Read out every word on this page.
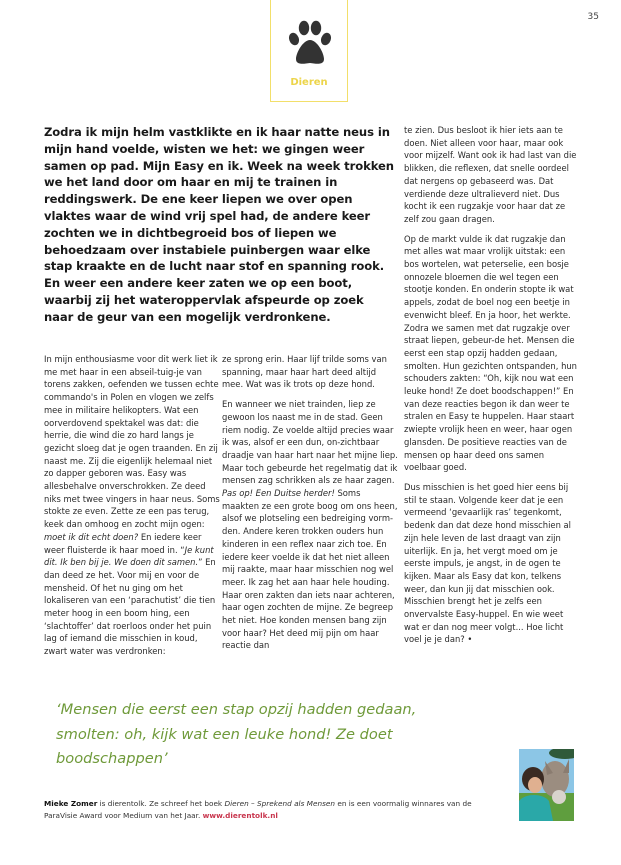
35
Dieren
Zodra ik mijn helm vastklikte en ik haar natte neus in mijn hand voelde, wisten we het: we gingen weer samen op pad. Mijn Easy en ik. Week na week trokken we het land door om haar en mij te trainen in reddingswerk. De ene keer liepen we over open vlaktes waar de wind vrij spel had, de andere keer zochten we in dichtbegroeid bos of liepen we behoedzaam over instabiele puinbergen waar elke stap kraakte en de lucht naar stof en spanning rook. En weer een andere keer zaten we op een boot, waarbij zij het wateroppervlak afspeurde op zoek naar de geur van een mogelijk verdronkene.

In mijn enthousiasme voor dit werk liet ik me met haar in een abseil-tuig-je van torens zakken, oefenden we tussen echte commando's in Polen en vlogen we zelfs mee in militaire helikopters. Wat een oorverdovend spektakel was dat: die herrie, die wind die zo hard langs je gezicht sloeg dat je ogen traanden. En zij naast me. Zij die eigenlijk helemaal niet zo dapper geboren was. Easy was allesbehalve onverschrokken. Ze deed niks met twee vingers in haar neus. Soms stokte ze even. Zette ze een pas terug, keek dan omhoog en zocht mijn ogen: moet ik dit echt doen? En iedere keer weer fluisterde ik haar moed in. “Je kunt dit. Ik ben bij je. We doen dit samen.” En dan deed ze het. Voor mij en voor de mensheid. Of het nu ging om het lokaliseren van een ‘parachutist’ die tien meter hoog in een boom hing, een ‘slachtoffer’ dat roerloos onder het puin lag of iemand die misschien in koud, zwart water was verdronken:

ze sprong erin. Haar lijf trilde soms van spanning, maar haar hart deed altijd mee. Wat was ik trots op deze hond.

En wanneer we niet trainden, liep ze gewoon los naast me in de stad. Geen riem nodig. Ze voelde altijd precies waar ik was, alsof er een dun, on-zichtbaar draadje van haar hart naar het mijne liep. Maar toch gebeurde het regelmatig dat ik mensen zag schrikken als ze haar zagen. Pas op! Een Duitse herder! Soms maakten ze een grote boog om ons heen, alsof we plotseling een bedreiging vorm-den. Andere keren trokken ouders hun kinderen in een reflex naar zich toe. En iedere keer voelde ik dat het niet alleen mij raakte, maar haar misschien nog wel meer. Ik zag het aan haar hele houding. Haar oren zakten dan iets naar achteren, haar ogen zochten de mijne. Ze begreep het niet. Hoe konden mensen bang zijn voor haar? Het deed mij pijn om haar reactie dan

te zien. Dus besloot ik hier iets aan te doen. Niet alleen voor haar, maar ook voor mijzelf. Want ook ik had last van die blikken, die reflexen, dat snelle oordeel dat nergens op gebaseerd was. Dat verdiende deze ultralieverd niet. Dus kocht ik een rugzakje voor haar dat ze zelf zou gaan dragen.

Op de markt vulde ik dat rugzakje dan met alles wat maar vrolijk uitstak: een bos wortelen, wat peterselie, een bosje onnozele bloemen die wel tegen een stootje konden. En onderin stopte ik wat appels, zodat de boel nog een beetje in evenwicht bleef. En ja hoor, het werkte. Zodra we samen met dat rugzakje over straat liepen, gebeur-de het. Mensen die eerst een stap opzij hadden gedaan, smolten. Hun gezichten ontspanden, hun schouders zakten: “Oh, kijk nou wat een leuke hond! Ze doet boodschappen!” En van deze reacties begon ik dan weer te stralen en Easy te huppelen. Haar staart zwiepte vrolijk heen en weer, haar ogen glansden. De positieve reacties van de mensen op haar deed ons samen voelbaar goed.

Dus misschien is het goed hier eens bij stil te staan. Volgende keer dat je een vermeend ‘gevaarlijk ras’ tegenkomt, bedenk dan dat deze hond misschien al zijn hele leven de last draagt van zijn uiterlijk. En ja, het vergt moed om je eerste impuls, je angst, in de ogen te kijken. Maar als Easy dat kon, telkens weer, dan kun jij dat misschien ook. Misschien brengt het je zelfs een onvervalste Easy-huppel. En wie weet wat er dan nog meer volgt... Hoe licht voel je je dan? •

‘Mensen die eerst een stap opzij hadden gedaan, smolten: oh, kijk wat een leuke hond! Ze doet boodschappen’
Mieke Zomer is dierentolk. Ze schreef het boek Dieren – Sprekend als Mensen en is een voormalig winnares van de ParaVisie Award voor Medium van het Jaar. www.dierentolk.nl
